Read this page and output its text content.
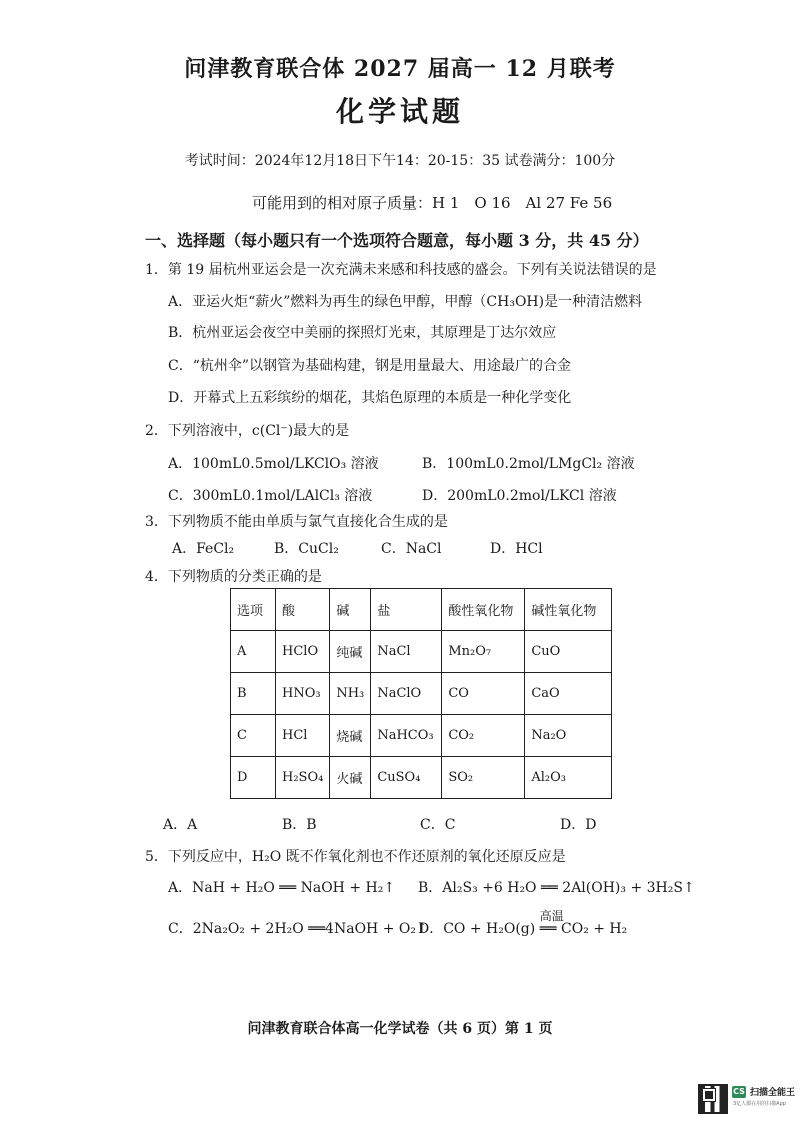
问津教育联合体 2027 届高一 12 月联考
化学试题
考试时间：2024年12月18日下午14：20-15：35 试卷满分：100分
可能用到的相对原子质量：H 1　O 16　Al 27 Fe 56
一、选择题（每小题只有一个选项符合题意，每小题 3 分，共 45 分）
1．第 19 届杭州亚运会是一次充满未来感和科技感的盛会。下列有关说法错误的是
A．亚运火炬“薪火”燃料为再生的绿色甲醇，甲醇（CH₃OH)是一种清洁燃料
B．杭州亚运会夜空中美丽的探照灯光束，其原理是丁达尔效应
C．“杭州伞”以钢管为基础构建，钢是用量最大、用途最广的合金
D．开幕式上五彩缤纷的烟花，其焰色原理的本质是一种化学变化
2．下列溶液中，c(Cl⁻)最大的是
A．100mL0.5mol/LKClO₃ 溶液	B．100mL0.2mol/LMgCl₂ 溶液
C．300mL0.1mol/LAlCl₃ 溶液	D．200mL0.2mol/LKCl 溶液
3．下列物质不能由单质与氯气直接化合生成的是
A．FeCl₂	B．CuCl₂	C．NaCl	D．HCl
4．下列物质的分类正确的是
选项	酸	碱	盐	酸性氧化物	碱性氧化物
A	HClO	纯碱	NaCl	Mn₂O₇	CuO
B	HNO₃	NH₃	NaClO	CO	CaO
C	HCl	烧碱	NaHCO₃	CO₂	Na₂O
D	H₂SO₄	火碱	CuSO₄	SO₂	Al₂O₃
A．A	B．B	C．C	D．D
5．下列反应中，H₂O 既不作氧化剂也不作还原剂的氧化还原反应是
A．NaH + H₂O ══ NaOH + H₂↑ B．Al₂S₃ +6 H₂O ══ 2Al(OH)₃ + 3H₂S↑
C．2Na₂O₂ + 2H₂O ══4NaOH + O₂↑
D．CO + H₂O(g)
高温
══ CO₂ + H₂
问津教育联合体高一化学试卷（共 6 页）第 1 页
CS 扫描全能王
3亿人都在用的扫描App
